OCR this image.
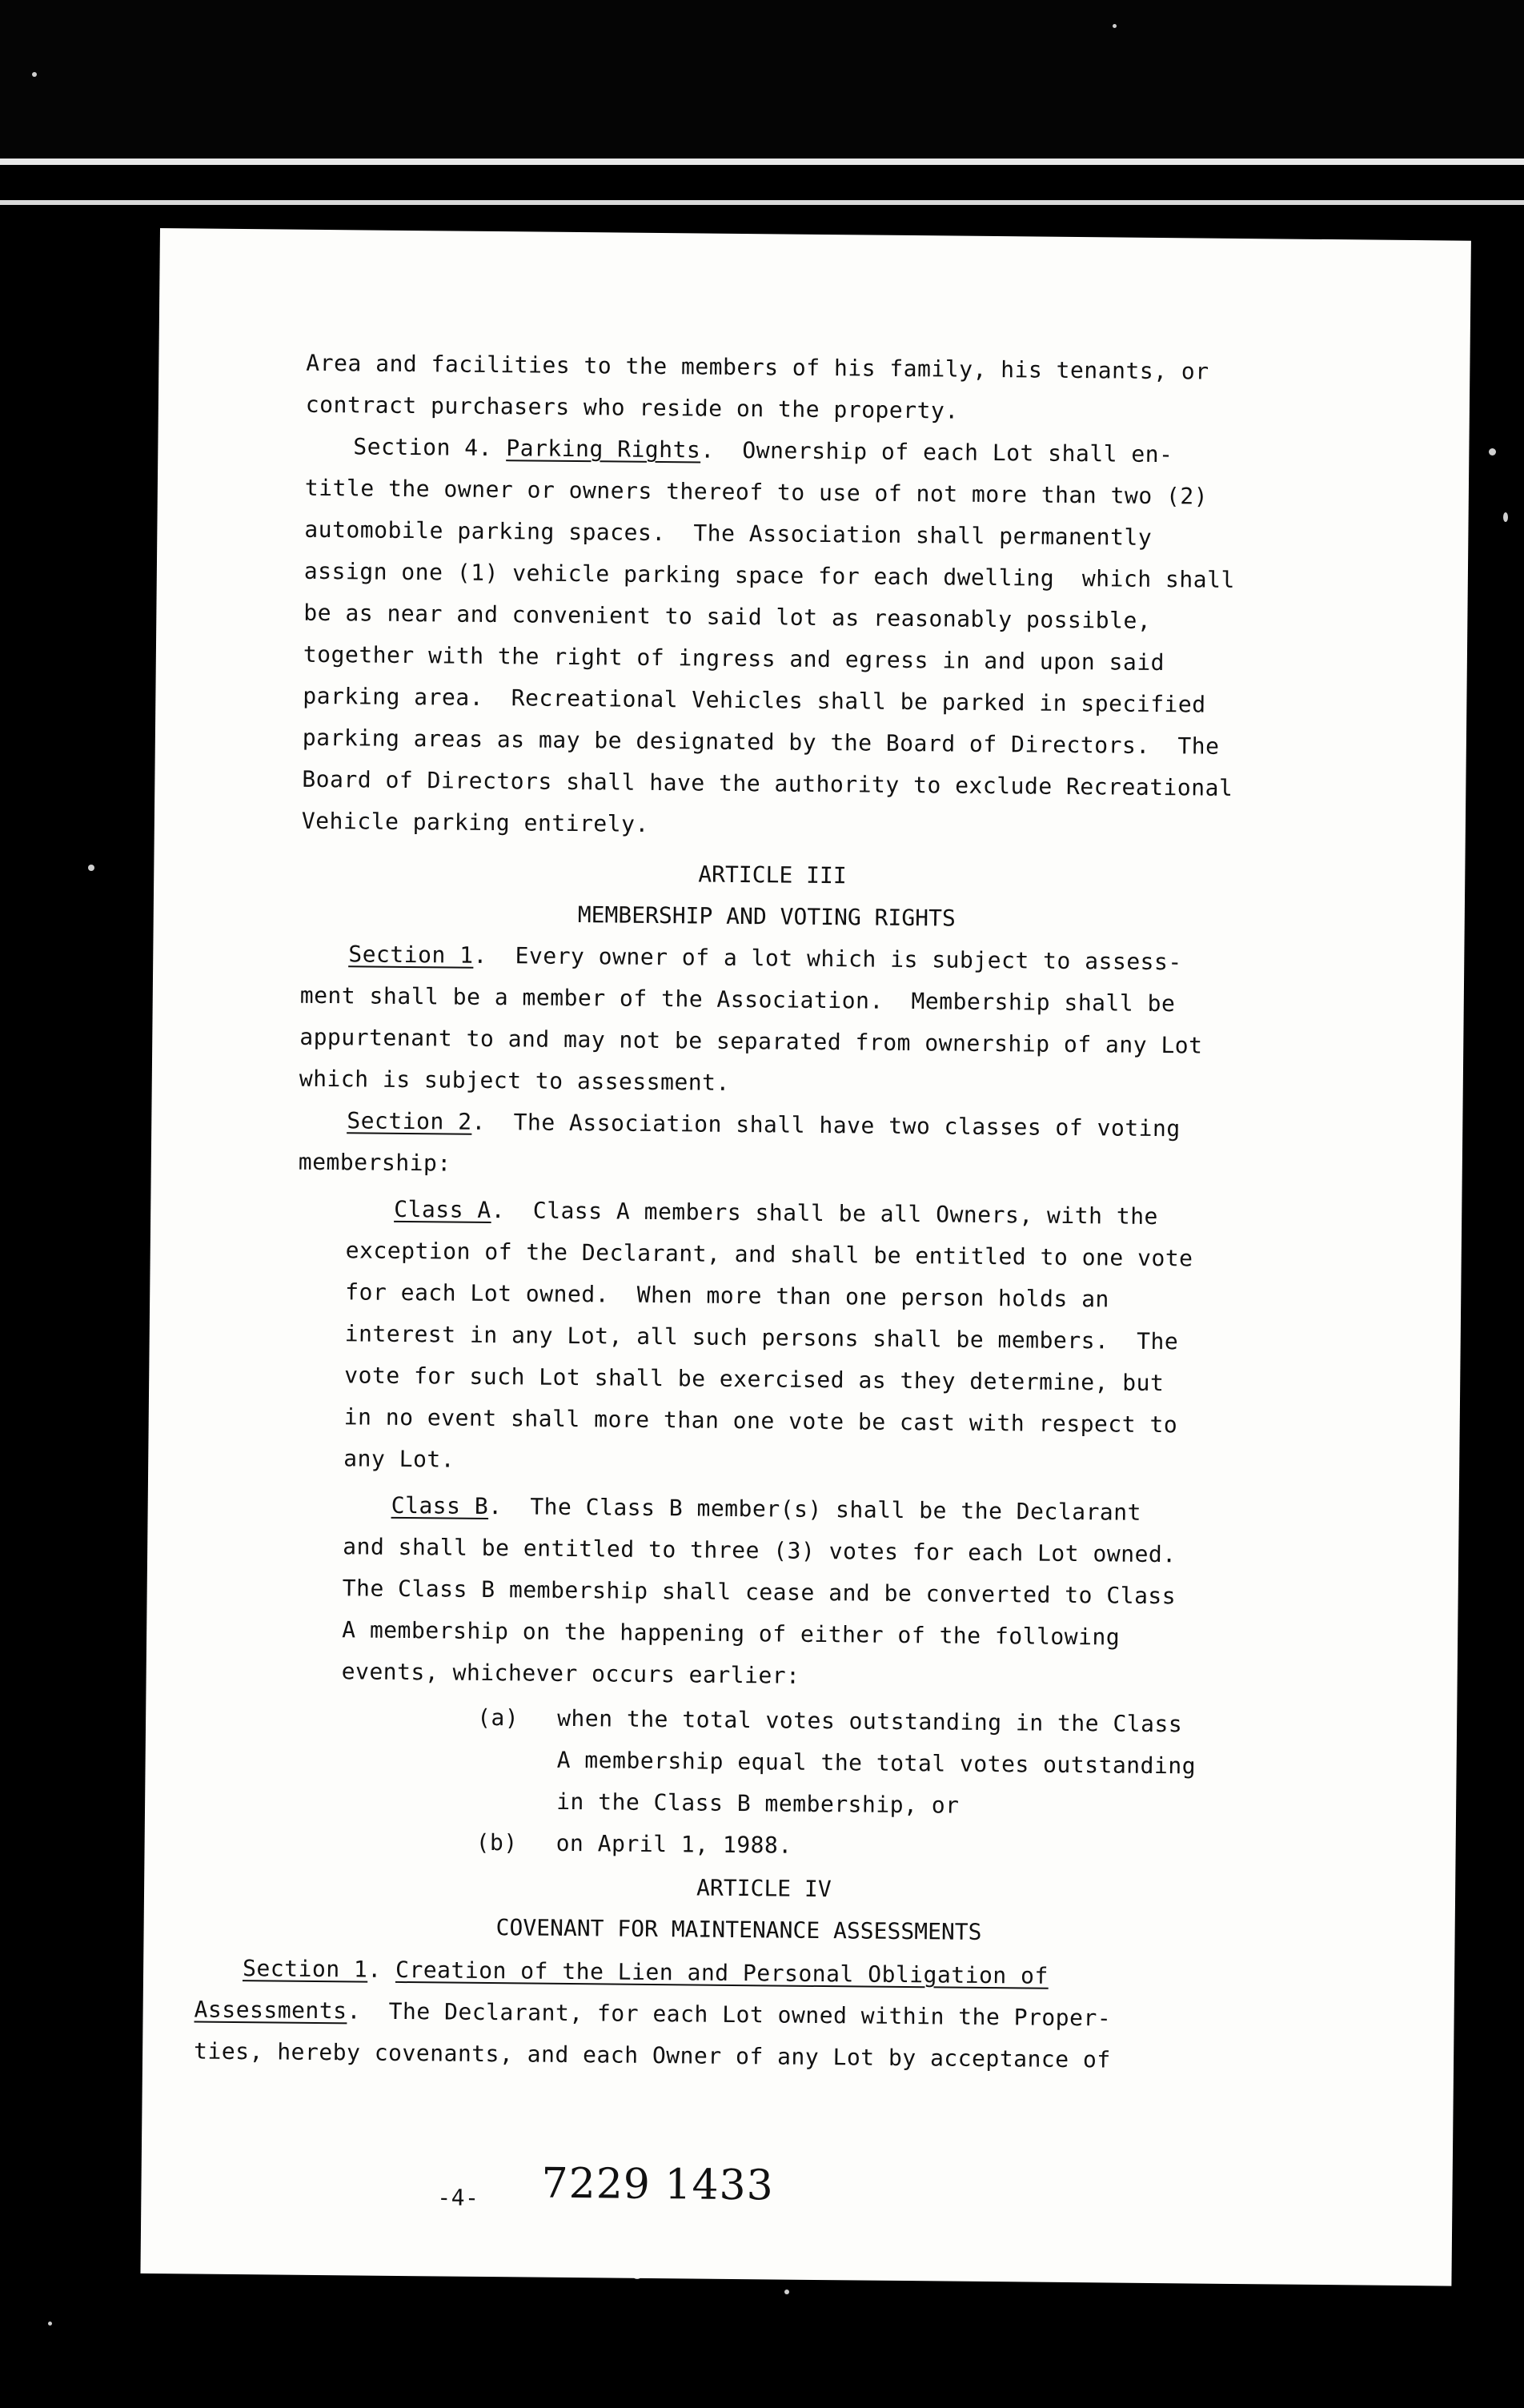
Area and facilities to the members of his family, his tenants, or
contract purchasers who reside on the property.
Section 4. Parking Rights.  Ownership of each Lot shall en-
title the owner or owners thereof to use of not more than two (2)
automobile parking spaces.  The Association shall permanently
assign one (1) vehicle parking space for each dwelling  which shall
be as near and convenient to said lot as reasonably possible,
together with the right of ingress and egress in and upon said
parking area.  Recreational Vehicles shall be parked in specified
parking areas as may be designated by the Board of Directors.  The
Board of Directors shall have the authority to exclude Recreational
Vehicle parking entirely.
ARTICLE III
MEMBERSHIP AND VOTING RIGHTS
Section 1.  Every owner of a lot which is subject to assess-
ment shall be a member of the Association.  Membership shall be
appurtenant to and may not be separated from ownership of any Lot
which is subject to assessment.
Section 2.  The Association shall have two classes of voting
membership:
Class A.  Class A members shall be all Owners, with the
exception of the Declarant, and shall be entitled to one vote
for each Lot owned.  When more than one person holds an
interest in any Lot, all such persons shall be members.  The
vote for such Lot shall be exercised as they determine, but
in no event shall more than one vote be cast with respect to
any Lot.
Class B.  The Class B member(s) shall be the Declarant
and shall be entitled to three (3) votes for each Lot owned.
The Class B membership shall cease and be converted to Class
A membership on the happening of either of the following
events, whichever occurs earlier:
(a) when the total votes outstanding in the Class
A membership equal the total votes outstanding
in the Class B membership, or
(b) on April 1, 1988.
ARTICLE IV
COVENANT FOR MAINTENANCE ASSESSMENTS
Section 1. Creation of the Lien and Personal Obligation of
Assessments.  The Declarant, for each Lot owned within the Proper-
ties, hereby covenants, and each Owner of any Lot by acceptance of
-4- 7229 1433
